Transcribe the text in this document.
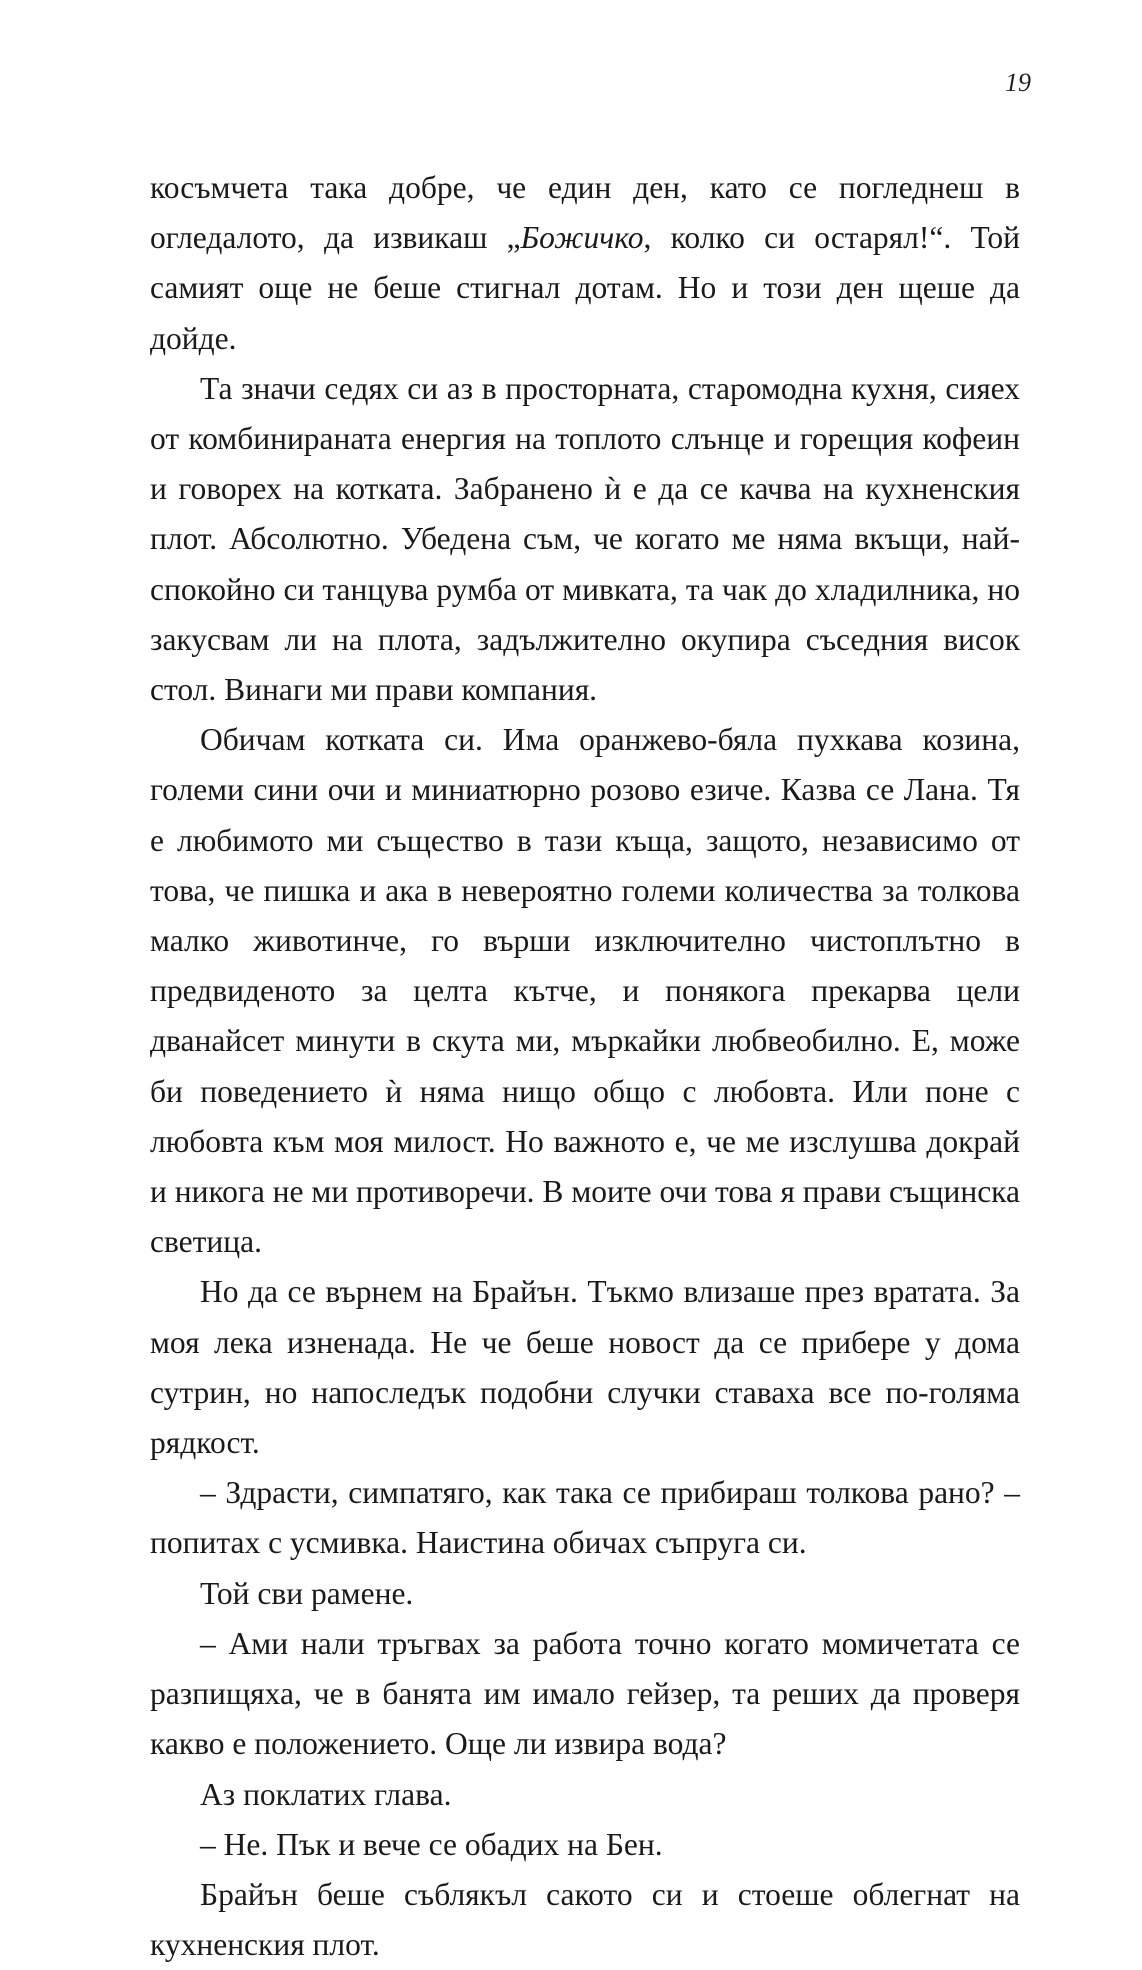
19

косъмчета така добре, че един ден, като се погледнеш в огледалото, да извикаш „Божичко, колко си остарял!“. Той самият още не беше стигнал дотам. Но и този ден щеше да дойде.

Та значи седях си аз в просторната, старомодна кухня, сияех от комбинираната енергия на топлото слънце и горещия кофеин и говорех на котката. Забранено ѝ е да се качва на кухненския плот. Абсолютно. Убедена съм, че когато ме няма вкъщи, най-спокойно си танцува румба от мивката, та чак до хладилника, но закусвам ли на плота, задължително окупира съседния висок стол. Винаги ми прави компания.

Обичам котката си. Има оранжево-бяла пухкава козина, големи сини очи и миниатюрно розово езиче. Казва се Лана. Тя е любимото ми същество в тази къща, защото, независимо от това, че пишка и ака в невероятно големи количества за толкова малко животинче, го върши изключително чистоплътно в предвиденото за целта кътче, и понякога прекарва цели дванайсет минути в скута ми, мъркайки любвеобилно. Е, може би поведението ѝ няма нищо общо с любовта. Или поне с любовта към моя милост. Но важното е, че ме изслушва докрай и никога не ми противоречи. В моите очи това я прави същинска светица.

Но да се върнем на Брайън. Тъкмо влизаше през вратата. За моя лека изненада. Не че беше новост да се прибере у дома сутрин, но напоследък подобни случки ставаха все по-голяма рядкост.

– Здрасти, симпатяго, как така се прибираш толкова рано? – попитах с усмивка. Наистина обичах съпруга си.

Той сви рамене.

– Ами нали тръгвах за работа точно когато момичетата се разпищяха, че в банята им имало гейзер, та реших да проверя какво е положението. Още ли извира вода?

Аз поклатих глава.

– Не. Пък и вече се обадих на Бен.

Брайън беше съблякъл сакото си и стоеше облегнат на кухненския плот.
